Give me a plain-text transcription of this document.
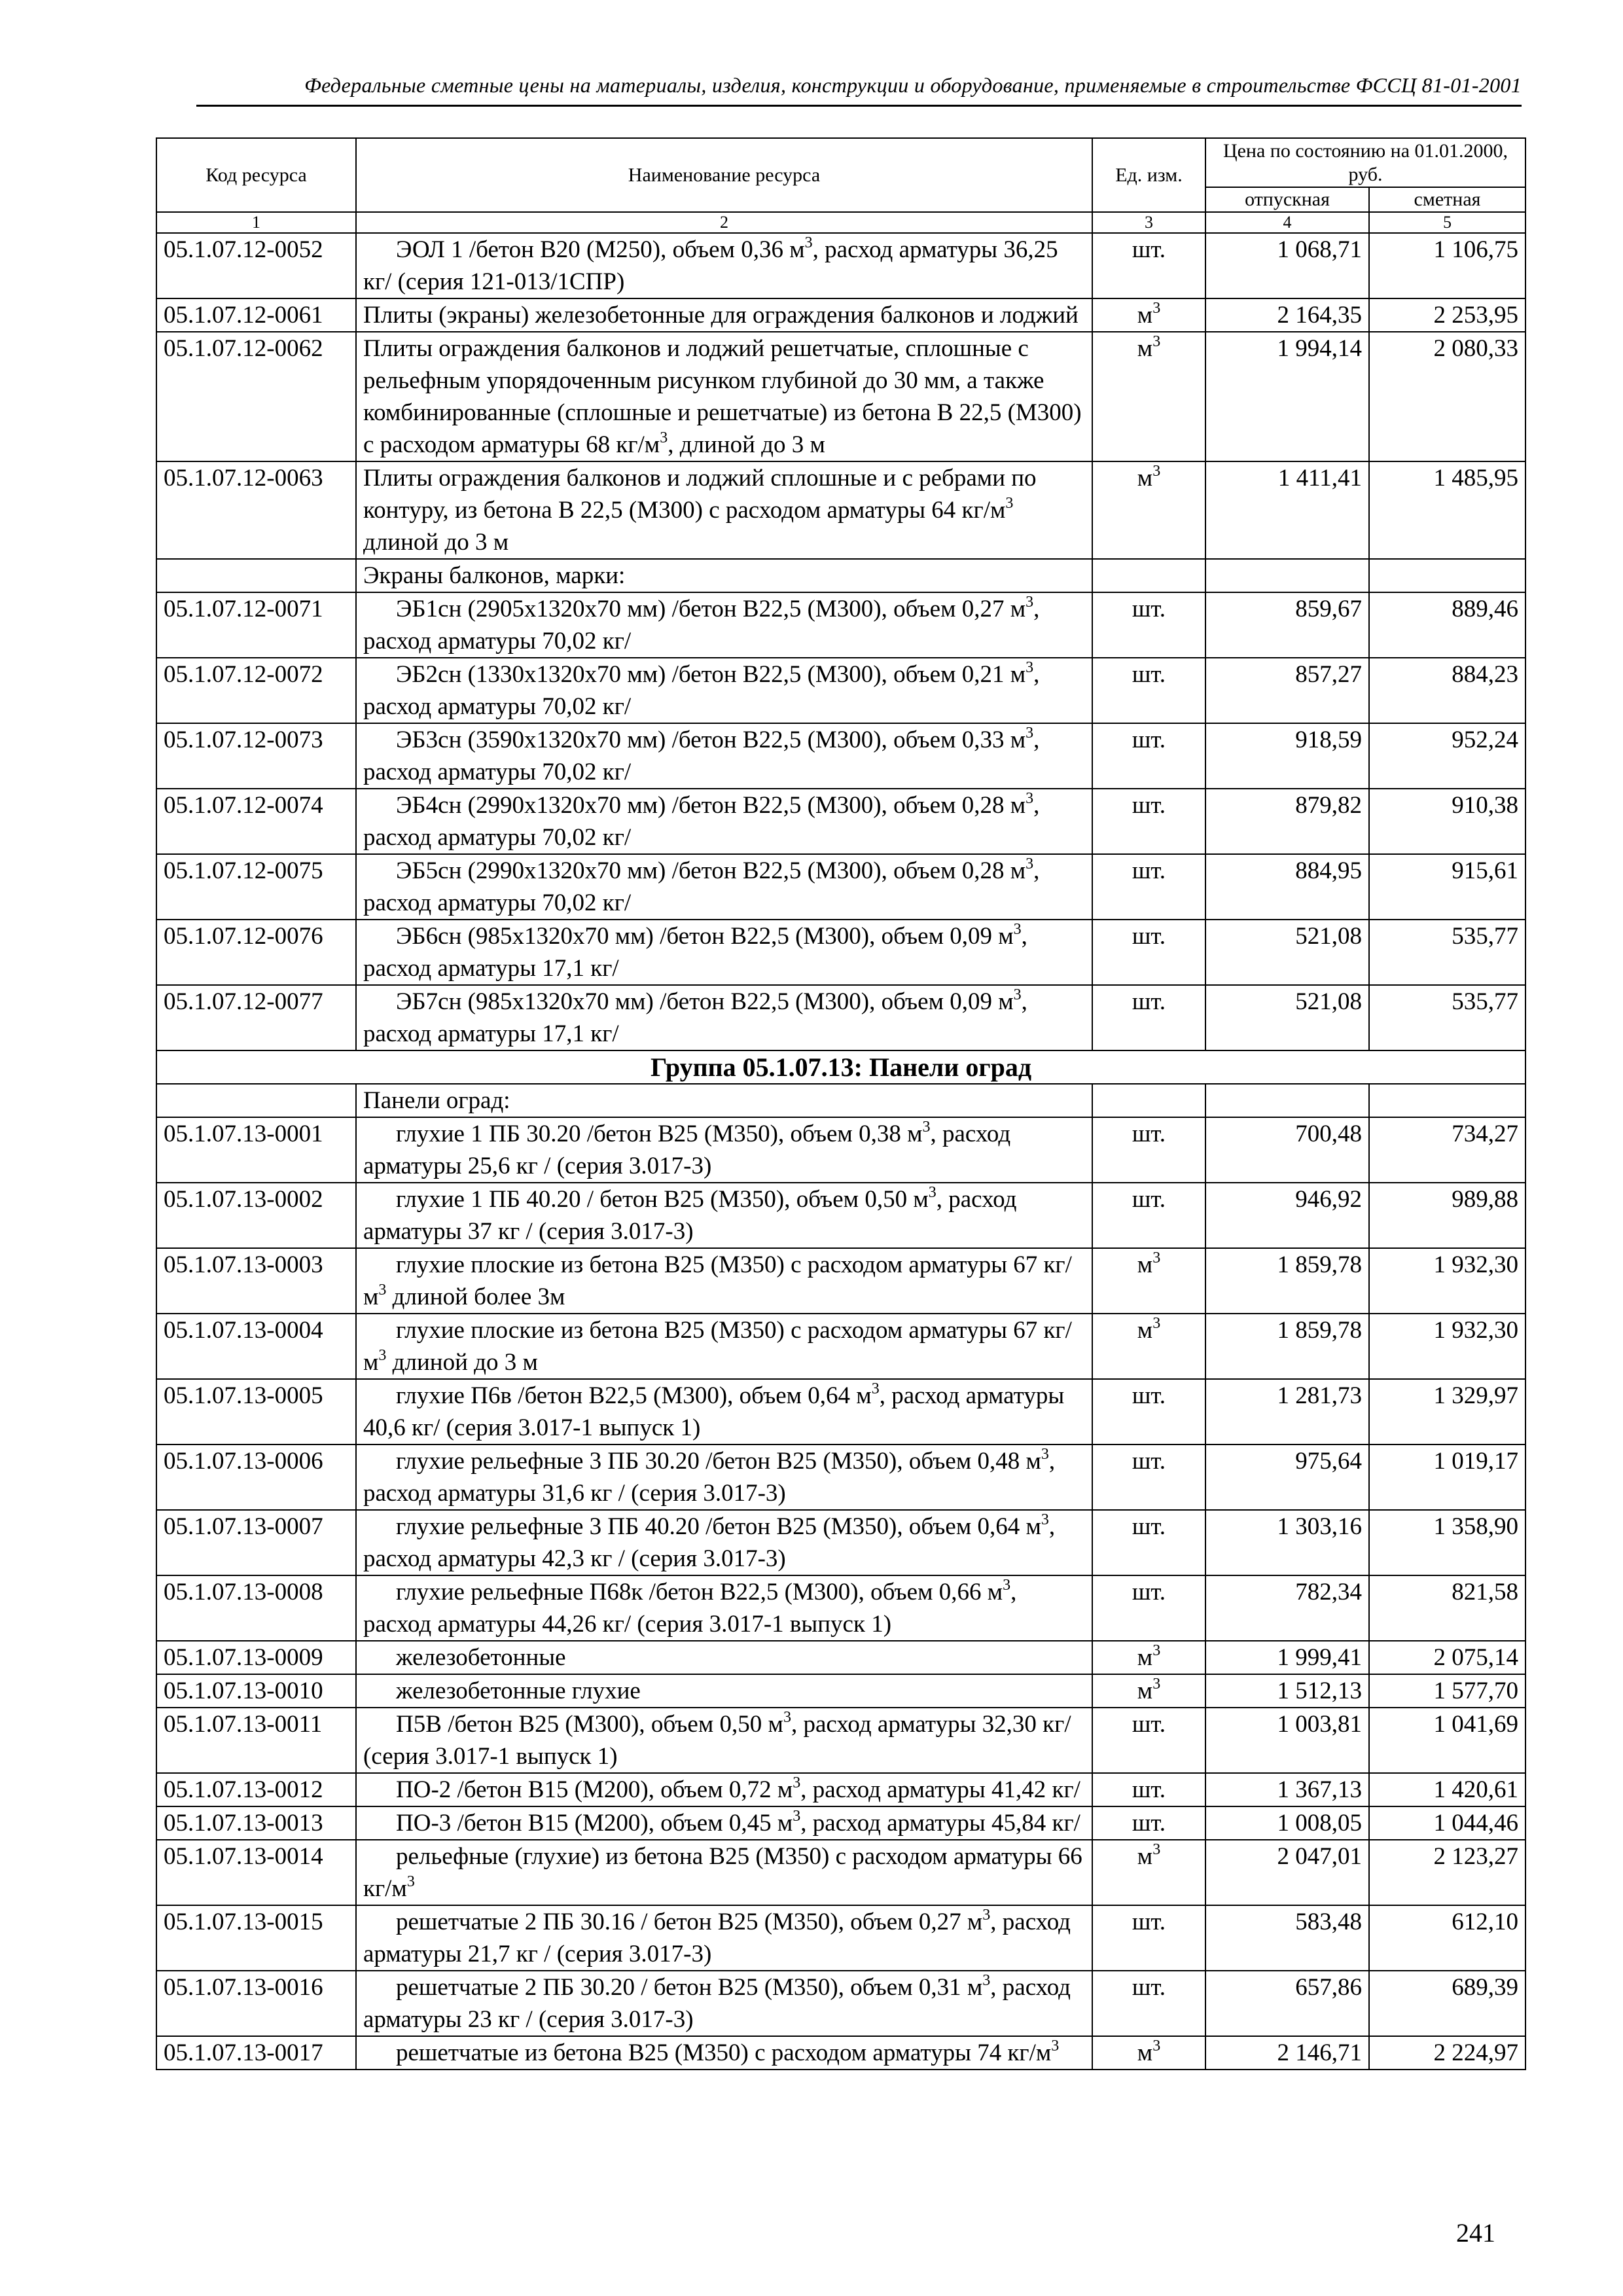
Федеральные сметные цены на материалы, изделия, конструкции и оборудование, применяемые в строительстве ФССЦ 81-01-2001
Код ресурса	Наименование ресурса	Ед. изм.	Цена по состоянию на 01.01.2000, руб.	
			отпускная	сметная
1	2	3	4	5
05.1.07.12-0052	ЭОЛ 1 /бетон В20 (М250), объем 0,36 $м^3$, расход арматуры 36,25 кг/ (серия 121-013/1СПР)	шт.	1 068,71	1 106,75
05.1.07.12-0061	Плиты (экраны) железобетонные для ограждения балконов и лоджий	$м^3$	2 164,35	2 253,95
05.1.07.12-0062	Плиты ограждения балконов и лоджий решетчатые, сплошные с рельефным упорядоченным рисунком глубиной до 30 мм, а также комбинированные (сплошные и решетчатые) из бетона В 22,5 (М300) с расходом арматуры 68 $кг/м^3$, длиной до 3 м	$м^3$	1 994,14	2 080,33
05.1.07.12-0063	Плиты ограждения балконов и лоджий сплошные и с ребрами по контуру, из бетона В 22,5 (М300) с расходом арматуры 64 $кг/м^3$ длиной до 3 м	$м^3$	1 411,41	1 485,95
	Экраны балконов, марки:			
05.1.07.12-0071	ЭБ1сн (2905х1320х70 мм) /бетон В22,5 (М300), объем 0,27 $м^3$, расход арматуры 70,02 кг/	шт.	859,67	889,46
05.1.07.12-0072	ЭБ2сн (1330х1320х70 мм) /бетон В22,5 (М300), объем 0,21 $м^3$, расход арматуры 70,02 кг/	шт.	857,27	884,23
05.1.07.12-0073	ЭБ3сн (3590х1320х70 мм) /бетон В22,5 (М300), объем 0,33 $м^3$, расход арматуры 70,02 кг/	шт.	918,59	952,24
05.1.07.12-0074	ЭБ4сн (2990х1320х70 мм) /бетон В22,5 (М300), объем 0,28 $м^3$, расход арматуры 70,02 кг/	шт.	879,82	910,38
05.1.07.12-0075	ЭБ5сн (2990х1320х70 мм) /бетон В22,5 (М300), объем 0,28 $м^3$, расход арматуры 70,02 кг/	шт.	884,95	915,61
05.1.07.12-0076	ЭБ6сн (985х1320х70 мм) /бетон В22,5 (М300), объем 0,09 $м^3$, расход арматуры 17,1 кг/	шт.	521,08	535,77
05.1.07.12-0077	ЭБ7сн (985х1320х70 мм) /бетон В22,5 (М300), объем 0,09 $м^3$, расход арматуры 17,1 кг/	шт.	521,08	535,77
Группа 05.1.07.13: Панели оград				
	Панели оград:			
05.1.07.13-0001	глухие 1 ПБ 30.20 /бетон В25 (М350), объем 0,38 $м^3$, расход арматуры 25,6 кг / (серия 3.017-3)	шт.	700,48	734,27
05.1.07.13-0002	глухие 1 ПБ 40.20 / бетон В25 (М350), объем 0,50 $м^3$, расход арматуры 37 кг / (серия 3.017-3)	шт.	946,92	989,88
05.1.07.13-0003	глухие плоские из бетона В25 (М350) с расходом арматуры 67 $кг/м^3$ длиной более 3м	$м^3$	1 859,78	1 932,30
05.1.07.13-0004	глухие плоские из бетона В25 (М350) с расходом арматуры 67 $кг/м^3$ длиной до 3 м	$м^3$	1 859,78	1 932,30
05.1.07.13-0005	глухие П6в /бетон В22,5 (М300), объем 0,64 $м^3$, расход арматуры 40,6 кг/ (серия 3.017-1 выпуск 1)	шт.	1 281,73	1 329,97
05.1.07.13-0006	глухие рельефные 3 ПБ 30.20 /бетон В25 (М350), объем 0,48 $м^3$, расход арматуры 31,6 кг / (серия 3.017-3)	шт.	975,64	1 019,17
05.1.07.13-0007	глухие рельефные 3 ПБ 40.20 /бетон В25 (М350), объем 0,64 $м^3$, расход арматуры 42,3 кг / (серия 3.017-3)	шт.	1 303,16	1 358,90
05.1.07.13-0008	глухие рельефные П68к /бетон В22,5 (М300), объем 0,66 $м^3$, расход арматуры 44,26 кг/ (серия 3.017-1 выпуск 1)	шт.	782,34	821,58
05.1.07.13-0009	железобетонные	$м^3$	1 999,41	2 075,14
05.1.07.13-0010	железобетонные глухие	$м^3$	1 512,13	1 577,70
05.1.07.13-0011	П5В /бетон В25 (М300), объем 0,50 $м^3$, расход арматуры 32,30 кг/ (серия 3.017-1 выпуск 1)	шт.	1 003,81	1 041,69
05.1.07.13-0012	ПО-2 /бетон В15 (М200), объем 0,72 $м^3$, расход арматуры 41,42 кг/	шт.	1 367,13	1 420,61
05.1.07.13-0013	ПО-3 /бетон В15 (М200), объем 0,45 $м^3$, расход арматуры 45,84 кг/	шт.	1 008,05	1 044,46
05.1.07.13-0014	рельефные (глухие) из бетона В25 (М350) с расходом арматуры 66 $кг/м^3$	$м^3$	2 047,01	2 123,27
05.1.07.13-0015	решетчатые 2 ПБ 30.16 / бетон В25 (М350), объем 0,27 $м^3$, расход арматуры 21,7 кг / (серия 3.017-3)	шт.	583,48	612,10
05.1.07.13-0016	решетчатые 2 ПБ 30.20 / бетон В25 (М350), объем 0,31 $м^3$, расход арматуры 23 кг / (серия 3.017-3)	шт.	657,86	689,39
05.1.07.13-0017	решетчатые из бетона В25 (М350) с расходом арматуры 74 $кг/м^3$	$м^3$	2 146,71	2 224,97
241
